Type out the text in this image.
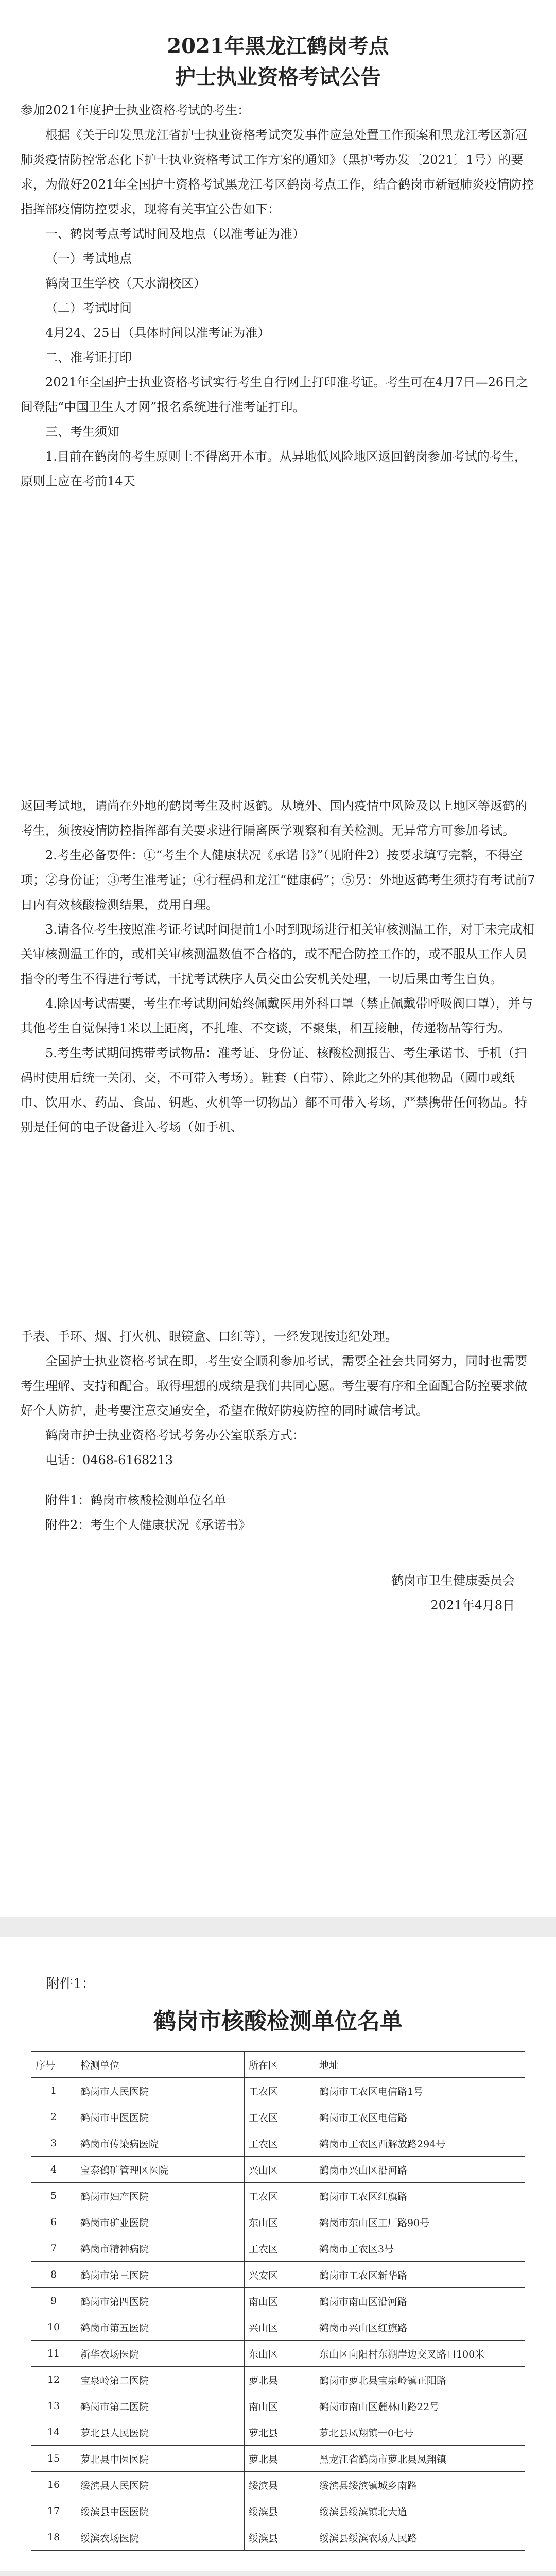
2021年黑龙江鹤岗考点
护士执业资格考试公告

参加2021年度护士执业资格考试的考生：

根据《关于印发黑龙江省护士执业资格考试突发事件应急处置工作预案和黑龙江考区新冠肺炎疫情防控常态化下护士执业资格考试工作方案的通知》（黑护考办发〔2021〕1号）的要求，为做好2021年全国护士资格考试黑龙江考区鹤岗考点工作，结合鹤岗市新冠肺炎疫情防控指挥部疫情防控要求，现将有关事宜公告如下：

一、鹤岗考点考试时间及地点（以准考证为准）

（一）考试地点

鹤岗卫生学校（天水湖校区）

（二）考试时间

4月24、25日（具体时间以准考证为准）

二、准考证打印

2021年全国护士执业资格考试实行考生自行网上打印准考证。考生可在4月7日—26日之间登陆“中国卫生人才网”报名系统进行准考证打印。

三、考生须知

1.目前在鹤岗的考生原则上不得离开本市。从异地低风险地区返回鹤岗参加考试的考生，原则上应在考前14天

返回考试地，请尚在外地的鹤岗考生及时返鹤。从境外、国内疫情中风险及以上地区等返鹤的考生，须按疫情防控指挥部有关要求进行隔离医学观察和有关检测。无异常方可参加考试。

2.考生必备要件：①“考生个人健康状况《承诺书》”（见附件2）按要求填写完整，不得空项；②身份证；③考生准考证；④行程码和龙江“健康码”；⑤另：外地返鹤考生须持有考试前7日内有效核酸检测结果，费用自理。

3.请各位考生按照准考证考试时间提前1小时到现场进行相关审核测温工作，对于未完成相关审核测温工作的，或相关审核测温数值不合格的，或不配合防控工作的，或不服从工作人员指令的考生不得进行考试，干扰考试秩序人员交由公安机关处理，一切后果由考生自负。

4.除因考试需要，考生在考试期间始终佩戴医用外科口罩（禁止佩戴带呼吸阀口罩），并与其他考生自觉保持1米以上距离，不扎堆、不交谈，不聚集，相互接触，传递物品等行为。

5.考生考试期间携带考试物品：准考证、身份证、核酸检测报告、考生承诺书、手机（扫码时使用后统一关闭、交，不可带入考场）。鞋套（自带）、除此之外的其他物品（圆巾或纸巾、饮用水、药品、食品、钥匙、火机等一切物品）都不可带入考场，严禁携带任何物品。特别是任何的电子设备进入考场（如手机、

手表、手环、烟、打火机、眼镜盒、口红等），一经发现按违纪处理。

全国护士执业资格考试在即，考生安全顺利参加考试，需要全社会共同努力，同时也需要考生理解、支持和配合。取得理想的成绩是我们共同心愿。考生要有序和全面配合防控要求做好个人防护，赴考要注意交通安全，希望在做好防疫防控的同时诚信考试。

鹤岗市护士执业资格考试考务办公室联系方式：

电话：0468-6168213

附件1：鹤岗市核酸检测单位名单

附件2：考生个人健康状况《承诺书》

鹤岗市卫生健康委员会
2021年4月8日
附件1：
鹤岗市核酸检测单位名单
序号	检测单位	所在区	地址
1	鹤岗市人民医院	工农区	鹤岗市工农区电信路1号
2	鹤岗市中医医院	工农区	鹤岗市工农区电信路
3	鹤岗市传染病医院	工农区	鹤岗市工农区西解放路294号
4	宝泰鹤矿管理区医院	兴山区	鹤岗市兴山区沿河路
5	鹤岗市妇产医院	工农区	鹤岗市工农区红旗路
6	鹤岗市矿业医院	东山区	鹤岗市东山区工厂路90号
7	鹤岗市精神病院	工农区	鹤岗市工农区3号
8	鹤岗市第三医院	兴安区	鹤岗市工农区新华路
9	鹤岗市第四医院	南山区	鹤岗市南山区沿河路
10	鹤岗市第五医院	兴山区	鹤岗市兴山区红旗路
11	新华农场医院	东山区	东山区向阳村东湖岸边交叉路口100米
12	宝泉岭第二医院	萝北县	鹤岗市萝北县宝泉岭镇正阳路
13	鹤岗市第二医院	南山区	鹤岗市南山区麓林山路22号
14	萝北县人民医院	萝北县	萝北县凤翔镇一0七号
15	萝北县中医医院	萝北县	黑龙江省鹤岗市萝北县凤翔镇
16	绥滨县人民医院	绥滨县	绥滨县绥滨镇城乡南路
17	绥滨县中医医院	绥滨县	绥滨县绥滨镇北大道
18	绥滨农场医院	绥滨县	绥滨县绥滨农场人民路
